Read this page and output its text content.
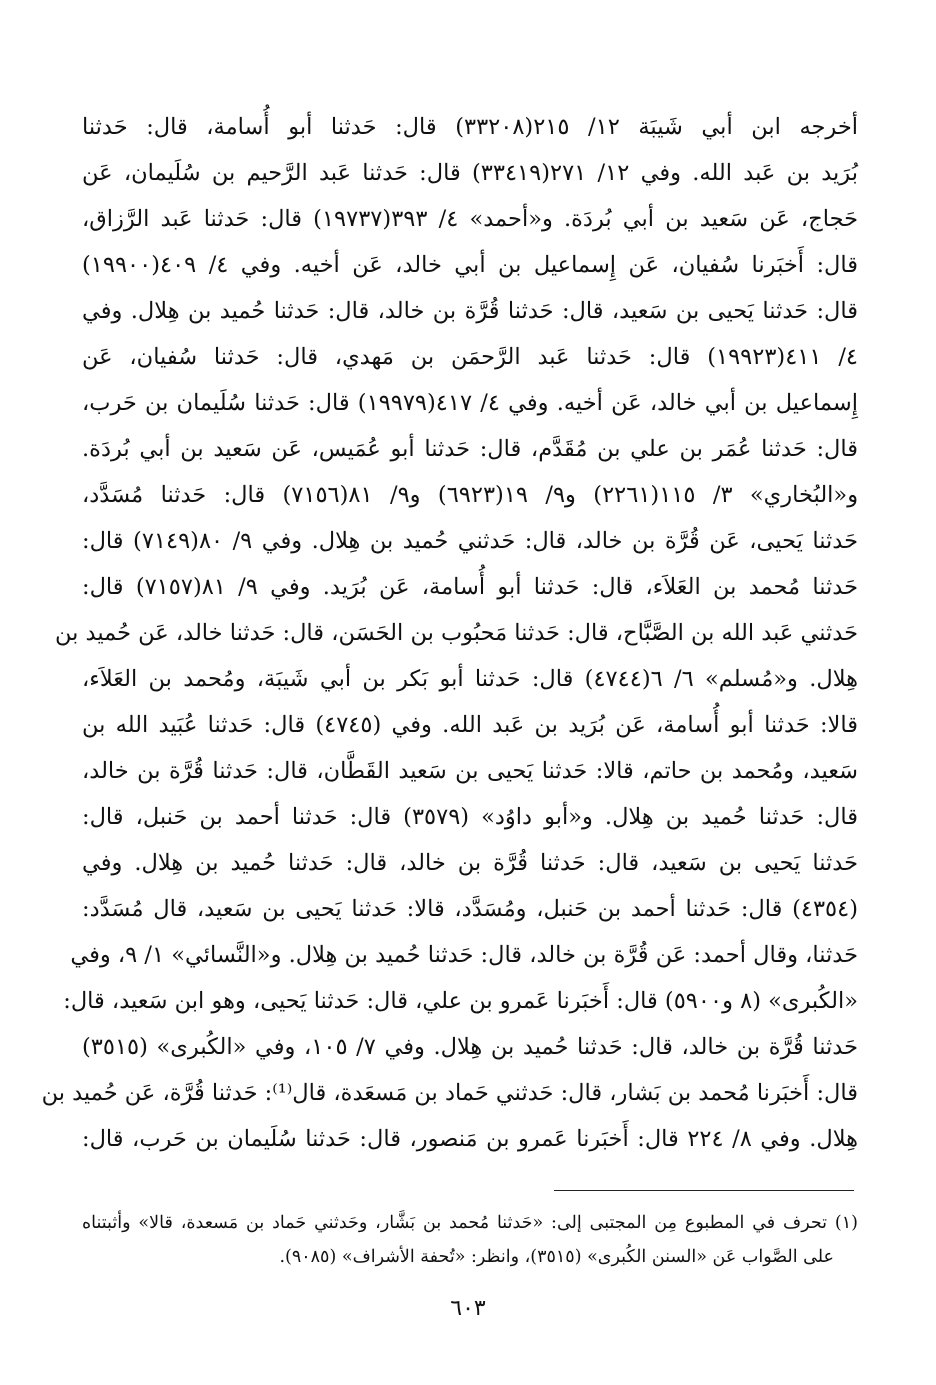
أخرجه ابن أبي شَيبَة ١٢/ ٢١٥(٣٣٢٠٨) قال: حَدثنا أبو أُسامة، قال: حَدثنا
بُرَيد بن عَبد الله. وفي ١٢/ ٢٧١(٣٣٤١٩) قال: حَدثنا عَبد الرَّحيم بن سُلَيمان، عَن
حَجاج، عَن سَعيد بن أبي بُردَة. و«أحمد» ٤/ ٣٩٣(١٩٧٣٧) قال: حَدثنا عَبد الرَّزاق،
قال: أَخبَرنا سُفيان، عَن إِسماعيل بن أبي خالد، عَن أخيه. وفي ٤/ ٤٠٩(١٩٩٠٠)
قال: حَدثنا يَحيى بن سَعيد، قال: حَدثنا قُرَّة بن خالد، قال: حَدثنا حُميد بن هِلال. وفي
٤/ ٤١١(١٩٩٢٣) قال: حَدثنا عَبد الرَّحمَن بن مَهدي، قال: حَدثنا سُفيان، عَن
إِسماعيل بن أبي خالد، عَن أخيه. وفي ٤/ ٤١٧(١٩٩٧٩) قال: حَدثنا سُلَيمان بن حَرب،
قال: حَدثنا عُمَر بن علي بن مُقَدَّم، قال: حَدثنا أبو عُمَيس، عَن سَعيد بن أبي بُردَة.
و«البُخاري» ٣/ ١١٥(٢٢٦١) و٩/ ١٩(٦٩٢٣) و٩/ ٨١(٧١٥٦) قال: حَدثنا مُسَدَّد،
حَدثنا يَحيى، عَن قُرَّة بن خالد، قال: حَدثني حُميد بن هِلال. وفي ٩/ ٨٠(٧١٤٩) قال:
حَدثنا مُحمد بن العَلاَء، قال: حَدثنا أبو أُسامة، عَن بُرَيد. وفي ٩/ ٨١(٧١٥٧) قال:
حَدثني عَبد الله بن الصَّبَّاح، قال: حَدثنا مَحبُوب بن الحَسَن، قال: حَدثنا خالد، عَن حُميد بن
هِلال. و«مُسلم» ٦/ ٦(٤٧٤٤) قال: حَدثنا أبو بَكر بن أبي شَيبَة، ومُحمد بن العَلاَء،
قالا: حَدثنا أبو أُسامة، عَن بُرَيد بن عَبد الله. وفي (٤٧٤٥) قال: حَدثنا عُبَيد الله بن
سَعيد، ومُحمد بن حاتم، قالا: حَدثنا يَحيى بن سَعيد القَطَّان، قال: حَدثنا قُرَّة بن خالد،
قال: حَدثنا حُميد بن هِلال. و«أبو داوُد» (٣٥٧٩) قال: حَدثنا أحمد بن حَنبل، قال:
حَدثنا يَحيى بن سَعيد، قال: حَدثنا قُرَّة بن خالد، قال: حَدثنا حُميد بن هِلال. وفي
(٤٣٥٤) قال: حَدثنا أحمد بن حَنبل، ومُسَدَّد، قالا: حَدثنا يَحيى بن سَعيد، قال مُسَدَّد:
حَدثنا، وقال أحمد: عَن قُرَّة بن خالد، قال: حَدثنا حُميد بن هِلال. و«النَّسائي» ١/ ٩، وفي
«الكُبرى» (٨ و٥٩٠٠) قال: أَخبَرنا عَمرو بن علي، قال: حَدثنا يَحيى، وهو ابن سَعيد، قال:
حَدثنا قُرَّة بن خالد، قال: حَدثنا حُميد بن هِلال. وفي ٧/ ١٠٥، وفي «الكُبرى» (٣٥١٥)
قال: أَخبَرنا مُحمد بن بَشار، قال: حَدثني حَماد بن مَسعَدة، قال⁽¹⁾: حَدثنا قُرَّة، عَن حُميد بن
هِلال. وفي ٨/ ٢٢٤ قال: أَخبَرنا عَمرو بن مَنصور، قال: حَدثنا سُلَيمان بن حَرب، قال:
(١) تحرف في المطبوع مِن المجتبى إلى: «حَدثنا مُحمد بن بَشَّار، وحَدثني حَماد بن مَسعدة، قالا» وأثبتناه
على الصَّواب عَن «السنن الكُبرى» (٣٥١٥)، وانظر: «تُحفة الأشراف» (٩٠٨٥).
٦٠٣
